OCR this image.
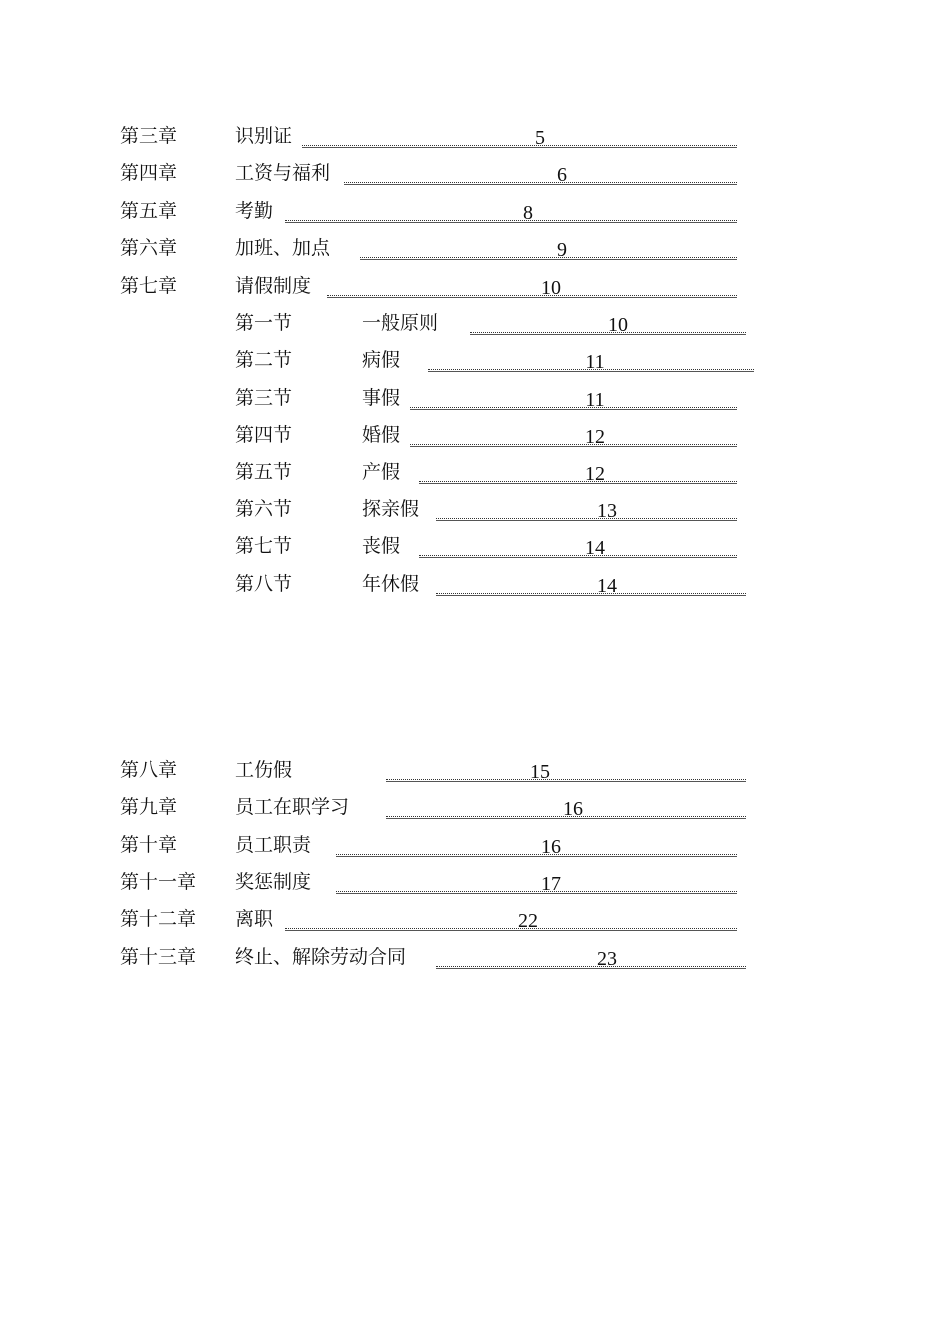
第三章	识别证	5
第四章	工资与福利	6
第五章	考勤	8
第六章	加班、加点	9
第七章	请假制度	10
第一节	一般原则	10
第二节	病假	11
第三节	事假	11
第四节	婚假	12
第五节	产假	12
第六节	探亲假	13
第七节	丧假	14
第八节	年休假	14
第八章	工伤假	15
第九章	员工在职学习	16
第十章	员工职责	16
第十一章 奖惩制度	17
第十二章 离职	22
第十三章 终止、解除劳动合同	23
